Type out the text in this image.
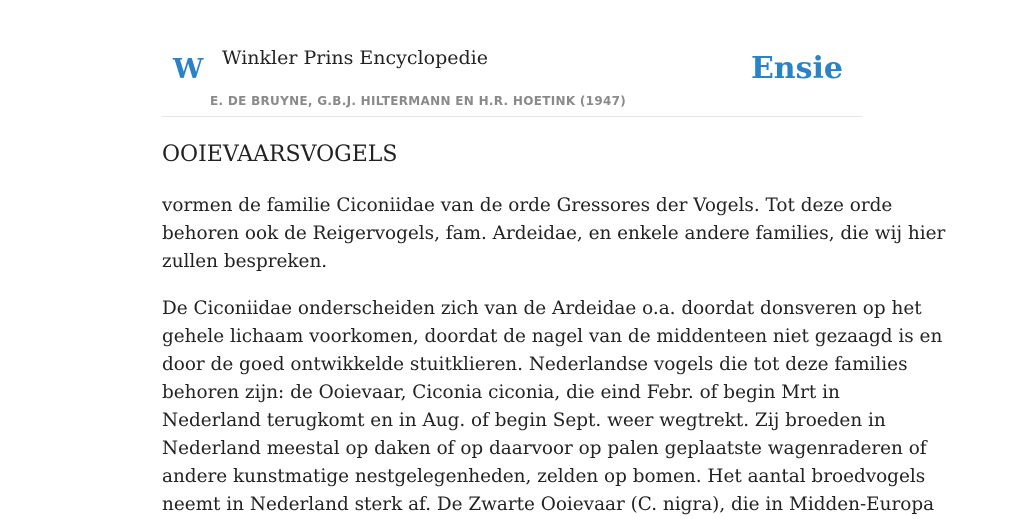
W Winkler Prins Encyclopedie
E. DE BRUYNE, G.B.J. HILTERMANN EN H.R. HOETINK (1947)
Ensie
OOIEVAARSVOGELS

vormen de familie Ciconiidae van de orde Gressores der Vogels. Tot deze orde
behoren ook de Reigervogels, fam. Ardeidae, en enkele andere families, die wij hier
zullen bespreken.

De Ciconiidae onderscheiden zich van de Ardeidae o.a. doordat donsveren op het
gehele lichaam voorkomen, doordat de nagel van de middenteen niet gezaagd is en
door de goed ontwikkelde stuitklieren. Nederlandse vogels die tot deze families
behoren zijn: de Ooievaar, Ciconia ciconia, die eind Febr. of begin Mrt in
Nederland terugkomt en in Aug. of begin Sept. weer wegtrekt. Zij broeden in
Nederland meestal op daken of op daarvoor op palen geplaatste wagenraderen of
andere kunstmatige nestgelegenheden, zelden op bomen. Het aantal broedvogels
neemt in Nederland sterk af. De Zwarte Ooievaar (C. nigra), die in Midden-Europa
